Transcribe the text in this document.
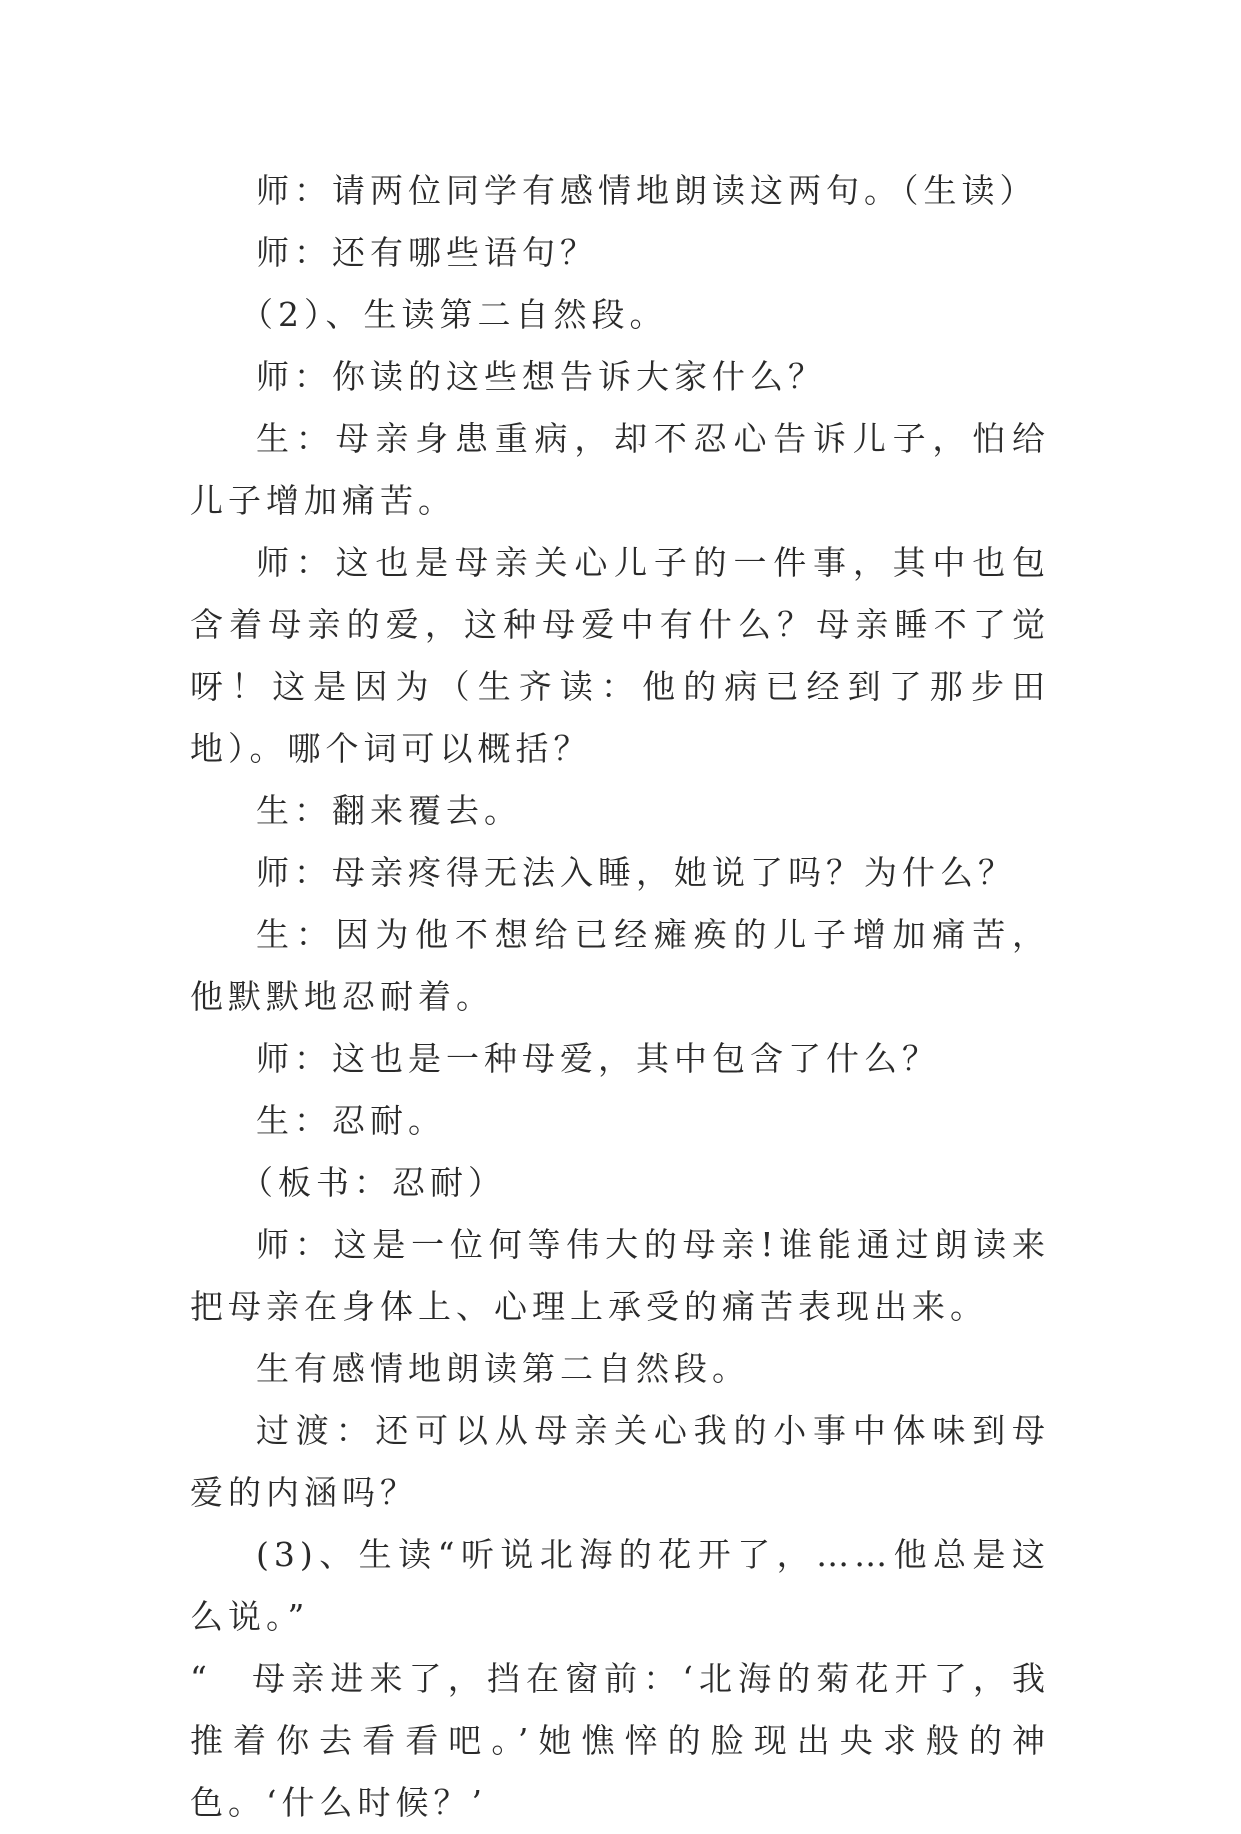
师：请两位同学有感情地朗读这两句。（生读）

师：还有哪些语句？

（2）、生读第二自然段。

师：你读的这些想告诉大家什么？

生：母亲身患重病，却不忍心告诉儿子，怕给儿子增加痛苦。

师：这也是母亲关心儿子的一件事，其中也包含着母亲的爱，这种母爱中有什么？母亲睡不了觉呀！这是因为（生齐读：他的病已经到了那步田地）。哪个词可以概括？

生：翻来覆去。

师：母亲疼得无法入睡，她说了吗？为什么？

生：因为他不想给已经瘫痪的儿子增加痛苦，他默默地忍耐着。

师：这也是一种母爱，其中包含了什么？

生：忍耐。

（板书：忍耐）

师：这是一位何等伟大的母亲!谁能通过朗读来把母亲在身体上、心理上承受的痛苦表现出来。

生有感情地朗读第二自然段。

过渡：还可以从母亲关心我的小事中体味到母爱的内涵吗？

(3)、生读“听说北海的花开了，……他总是这么说。”

“　母亲进来了，挡在窗前：‘北海的菊花开了，我推着你去看看吧。’她憔悴的脸现出央求般的神色。‘什么时候？’
